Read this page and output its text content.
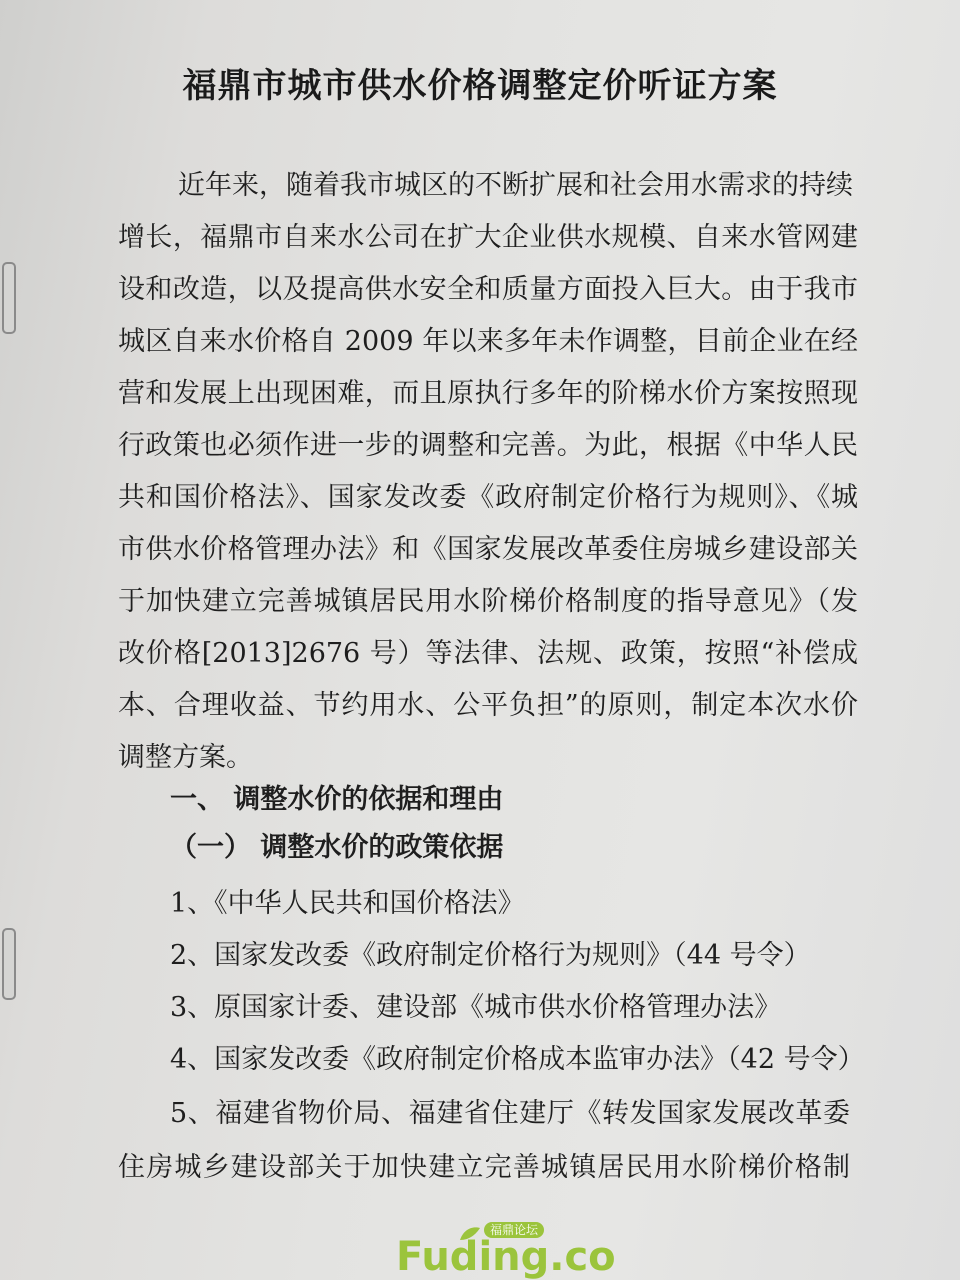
福鼎市城市供水价格调整定价听证方案
近年来，随着我市城区的不断扩展和社会用水需求的持续
增长，福鼎市自来水公司在扩大企业供水规模、自来水管网建
设和改造，以及提高供水安全和质量方面投入巨大。由于我市
城区自来水价格自 2009 年以来多年未作调整，目前企业在经
营和发展上出现困难，而且原执行多年的阶梯水价方案按照现
行政策也必须作进一步的调整和完善。为此，根据《中华人民
共和国价格法》、国家发改委《政府制定价格行为规则》、《城
市供水价格管理办法》和《国家发展改革委住房城乡建设部关
于加快建立完善城镇居民用水阶梯价格制度的指导意见》（发
改价格[2013]2676 号）等法律、法规、政策，按照“补偿成
本、合理收益、节约用水、公平负担”的原则，制定本次水价
调整方案。
一、 调整水价的依据和理由
（一） 调整水价的政策依据
1、《中华人民共和国价格法》
2、国家发改委《政府制定价格行为规则》（44 号令）
3、原国家计委、建设部《城市供水价格管理办法》
4、国家发改委《政府制定价格成本监审办法》（42 号令）
5、福建省物价局、福建省住建厅《转发国家发展改革委
住房城乡建设部关于加快建立完善城镇居民用水阶梯价格制
福鼎论坛
Fuding.co
